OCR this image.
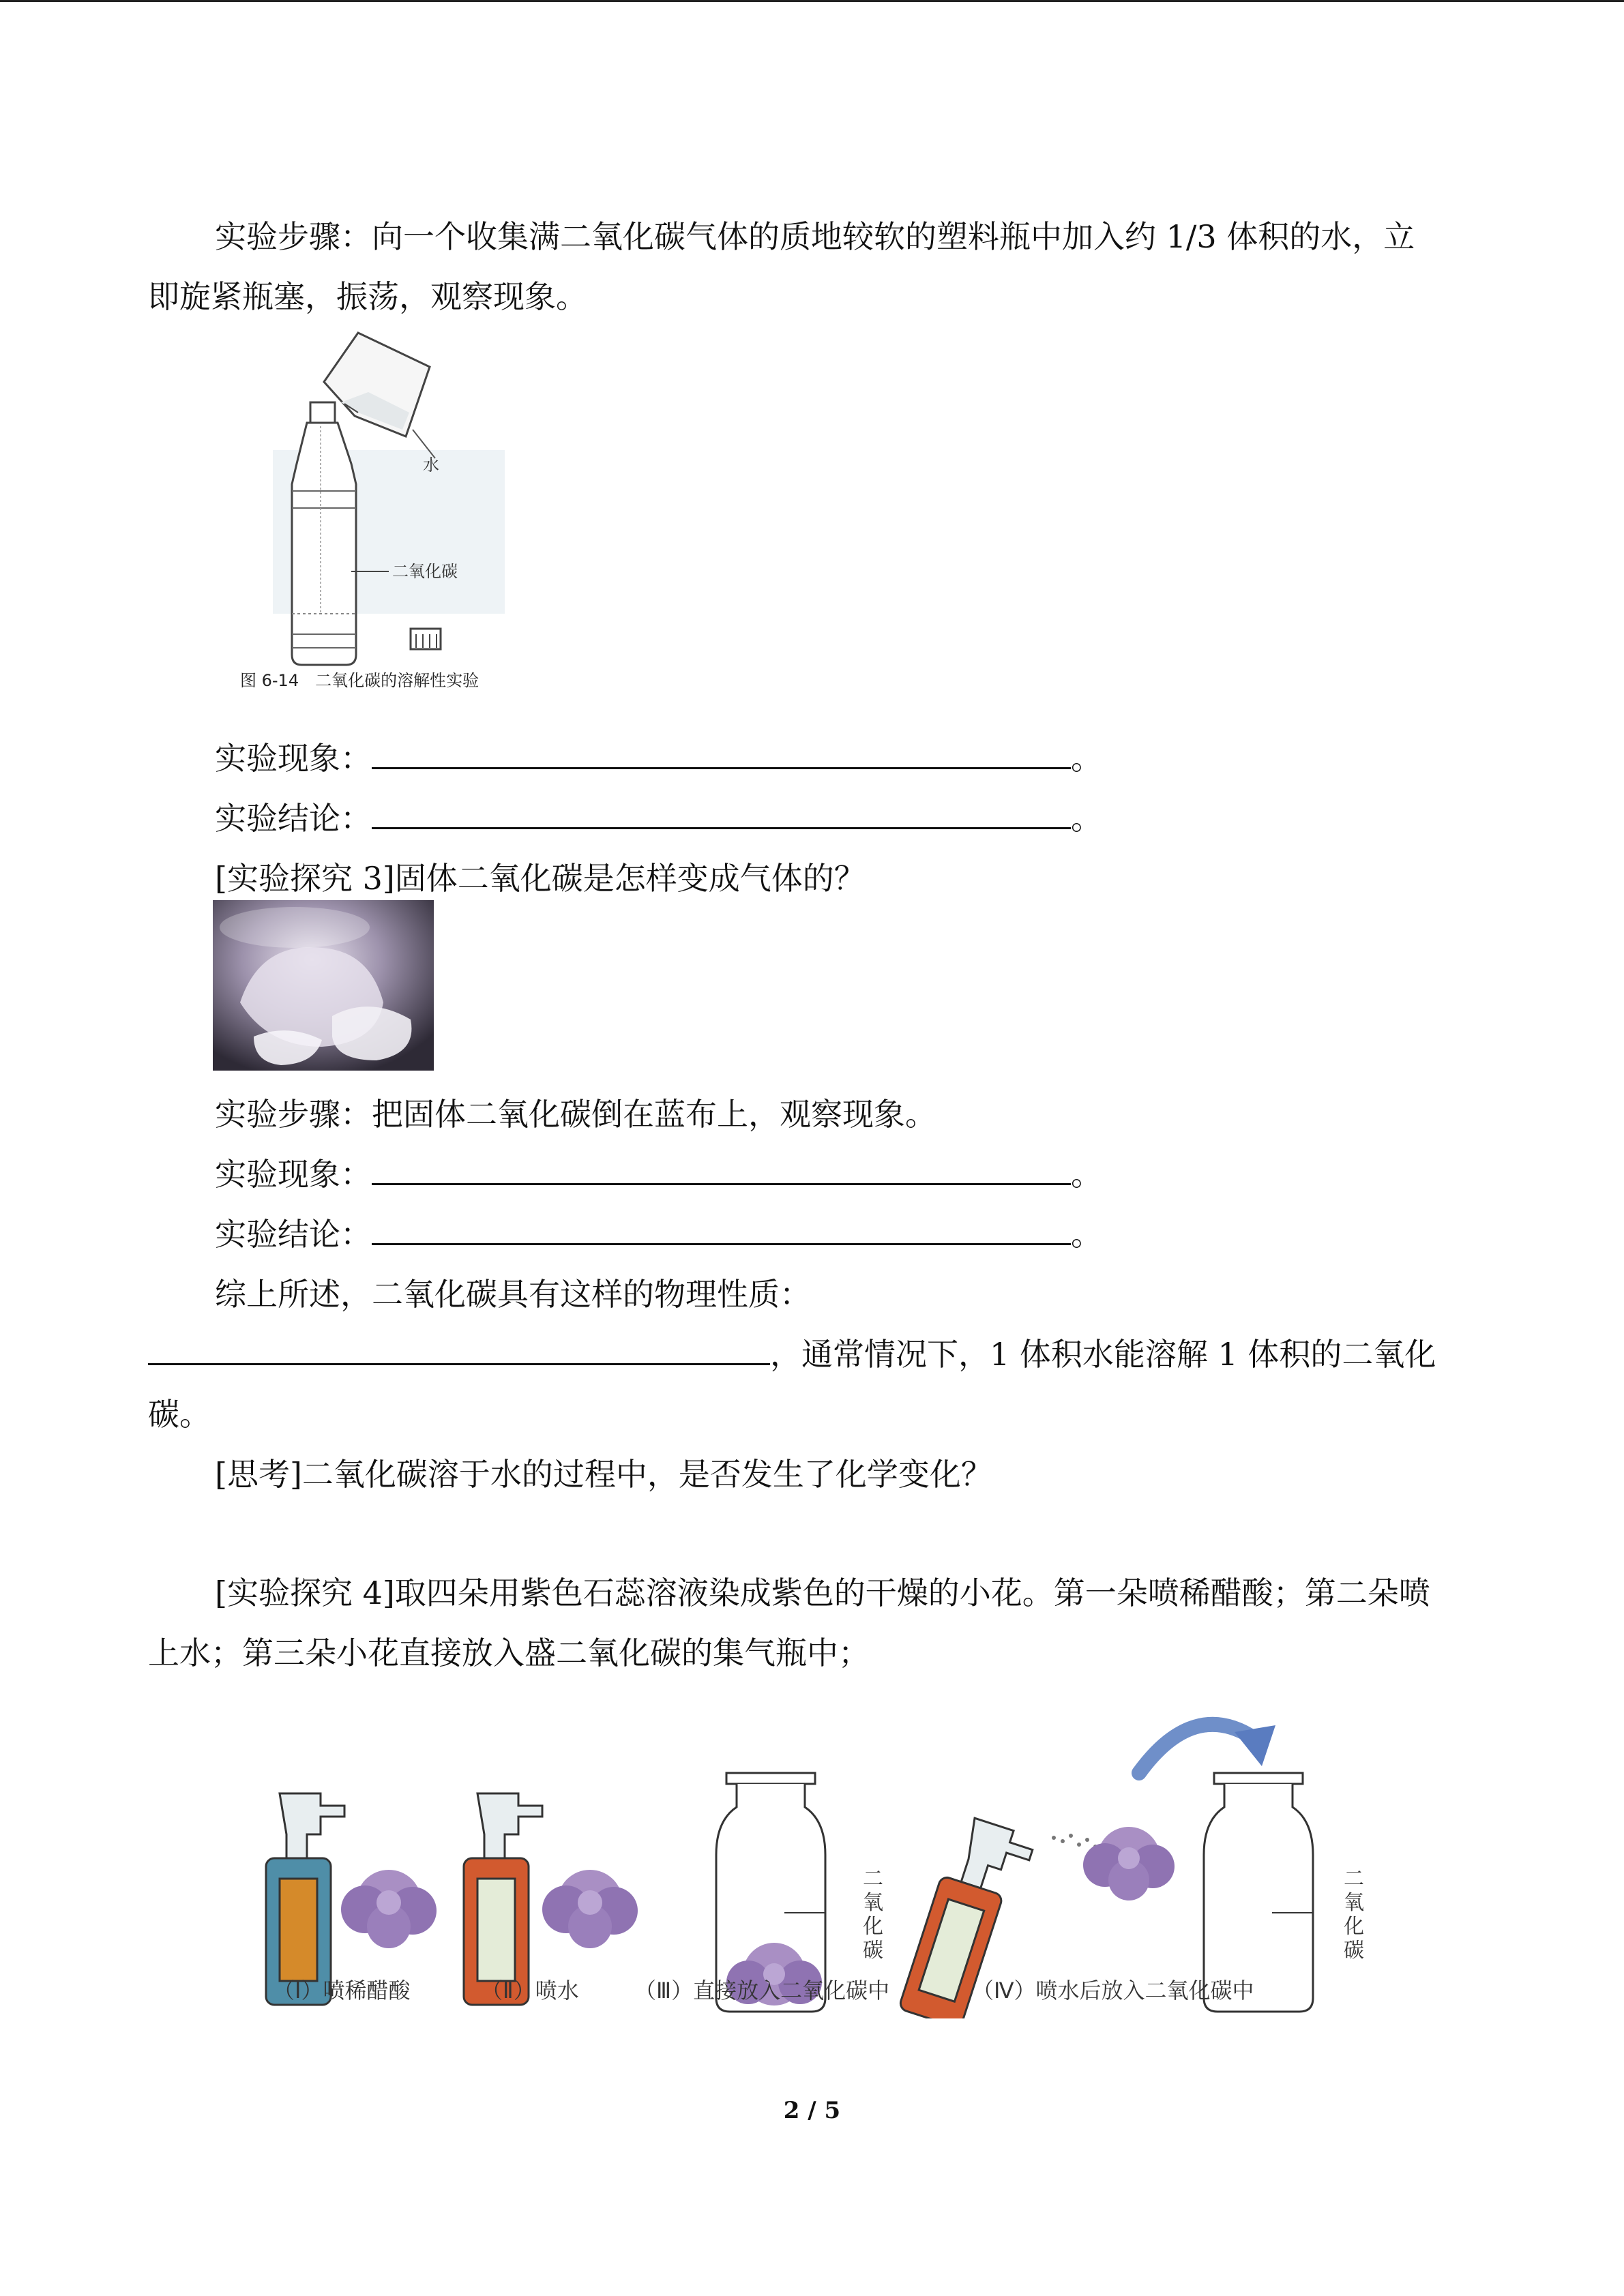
实验步骤：向一个收集满二氧化碳气体的质地较软的塑料瓶中加入约 1/3 体积的水，立
即旋紧瓶塞，振荡，观察现象。
水
二氧化碳
图 6-14　二氧化碳的溶解性实验
实验现象：	。
实验结论：	。
[实验探究 3]固体二氧化碳是怎样变成气体的？
实验步骤：把固体二氧化碳倒在蓝布上，观察现象。
实验现象：	。
实验结论：	。
综上所述，二氧化碳具有这样的物理性质：
，通常情况下，1 体积水能溶解 1 体积的二氧化
碳。
[思考]二氧化碳溶于水的过程中，是否发生了化学变化？
[实验探究 4]取四朵用紫色石蕊溶液染成紫色的干燥的小花。第一朵喷稀醋酸；第二朵喷
上水；第三朵小花直接放入盛二氧化碳的集气瓶中；
二
氧
化
碳
二
氧
化
碳
（Ⅰ）喷稀醋酸	（Ⅱ）喷水	（Ⅲ）直接放入二氧化碳中	（Ⅳ）喷水后放入二氧化碳中
2 / 5
